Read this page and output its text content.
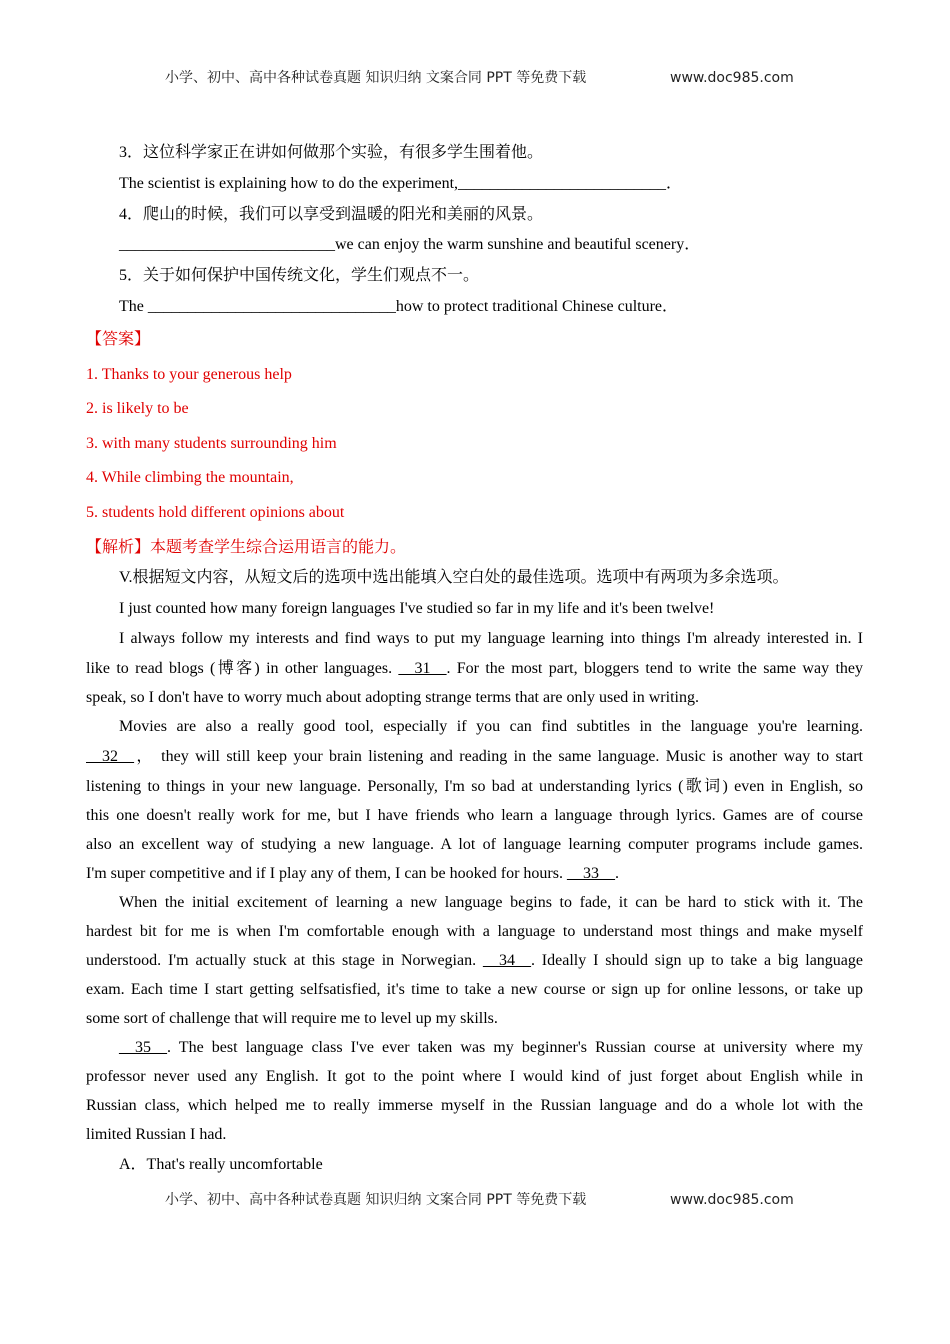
小学、初中、高中各种试卷真题 知识归纳 文案合同 PPT 等免费下载	www.doc985.com
3．这位科学家正在讲如何做那个实验，有很多学生围着他。
The scientist is explaining how to do the experiment,__________________________．
4．爬山的时候，我们可以享受到温暖的阳光和美丽的风景。
___________________________we can enjoy the warm sunshine and beautiful scenery．
5．关于如何保护中国传统文化，学生们观点不一。
The _______________________________how to protect traditional Chinese culture．
【答案】
1. Thanks to your generous help
2. is likely to be
3. with many students surrounding him
4. While climbing the mountain,
5. students hold different opinions about
【解析】本题考查学生综合运用语言的能力。
V.根据短文内容，从短文后的选项中选出能填入空白处的最佳选项。选项中有两项为多余选项。
I just counted how many foreign languages I've studied so far in my life and it's been twelve!
I always follow my interests and find ways to put my language learning into things I'm already interested in. I
like to read blogs (博客) in other languages. __31__. For the most part, bloggers tend to write the same way they
speak, so I don't have to worry much about adopting strange terms that are only used in writing.
Movies are also a really good tool, especially if you can find subtitles in the language you're learning.
__32__， they will still keep your brain listening and reading in the same language. Music is another way to start
listening to things in your new language. Personally, I'm so bad at understanding lyrics (歌词) even in English, so
this one doesn't really work for me, but I have friends who learn a language through lyrics. Games are of course
also an excellent way of studying a new language. A lot of language learning computer programs include games.
I'm super competitive and if I play any of them, I can be hooked for hours. __33__.
When the initial excitement of learning a new language begins to fade, it can be hard to stick with it. The
hardest bit for me is when I'm comfortable enough with a language to understand most things and make myself
understood. I'm actually stuck at this stage in Norwegian. __34__. Ideally I should sign up to take a big language
exam. Each time I start getting selfsatisfied, it's time to take a new course or sign up for online lessons, or take up
some sort of challenge that will require me to level up my skills.
__35__. The best language class I've ever taken was my beginner's Russian course at university where my
professor never used any English. It got to the point where I would kind of just forget about English while in
Russian class, which helped me to really immerse myself in the Russian language and do a whole lot with the
limited Russian I had.
A．That's really uncomfortable
小学、初中、高中各种试卷真题 知识归纳 文案合同 PPT 等免费下载	www.doc985.com
